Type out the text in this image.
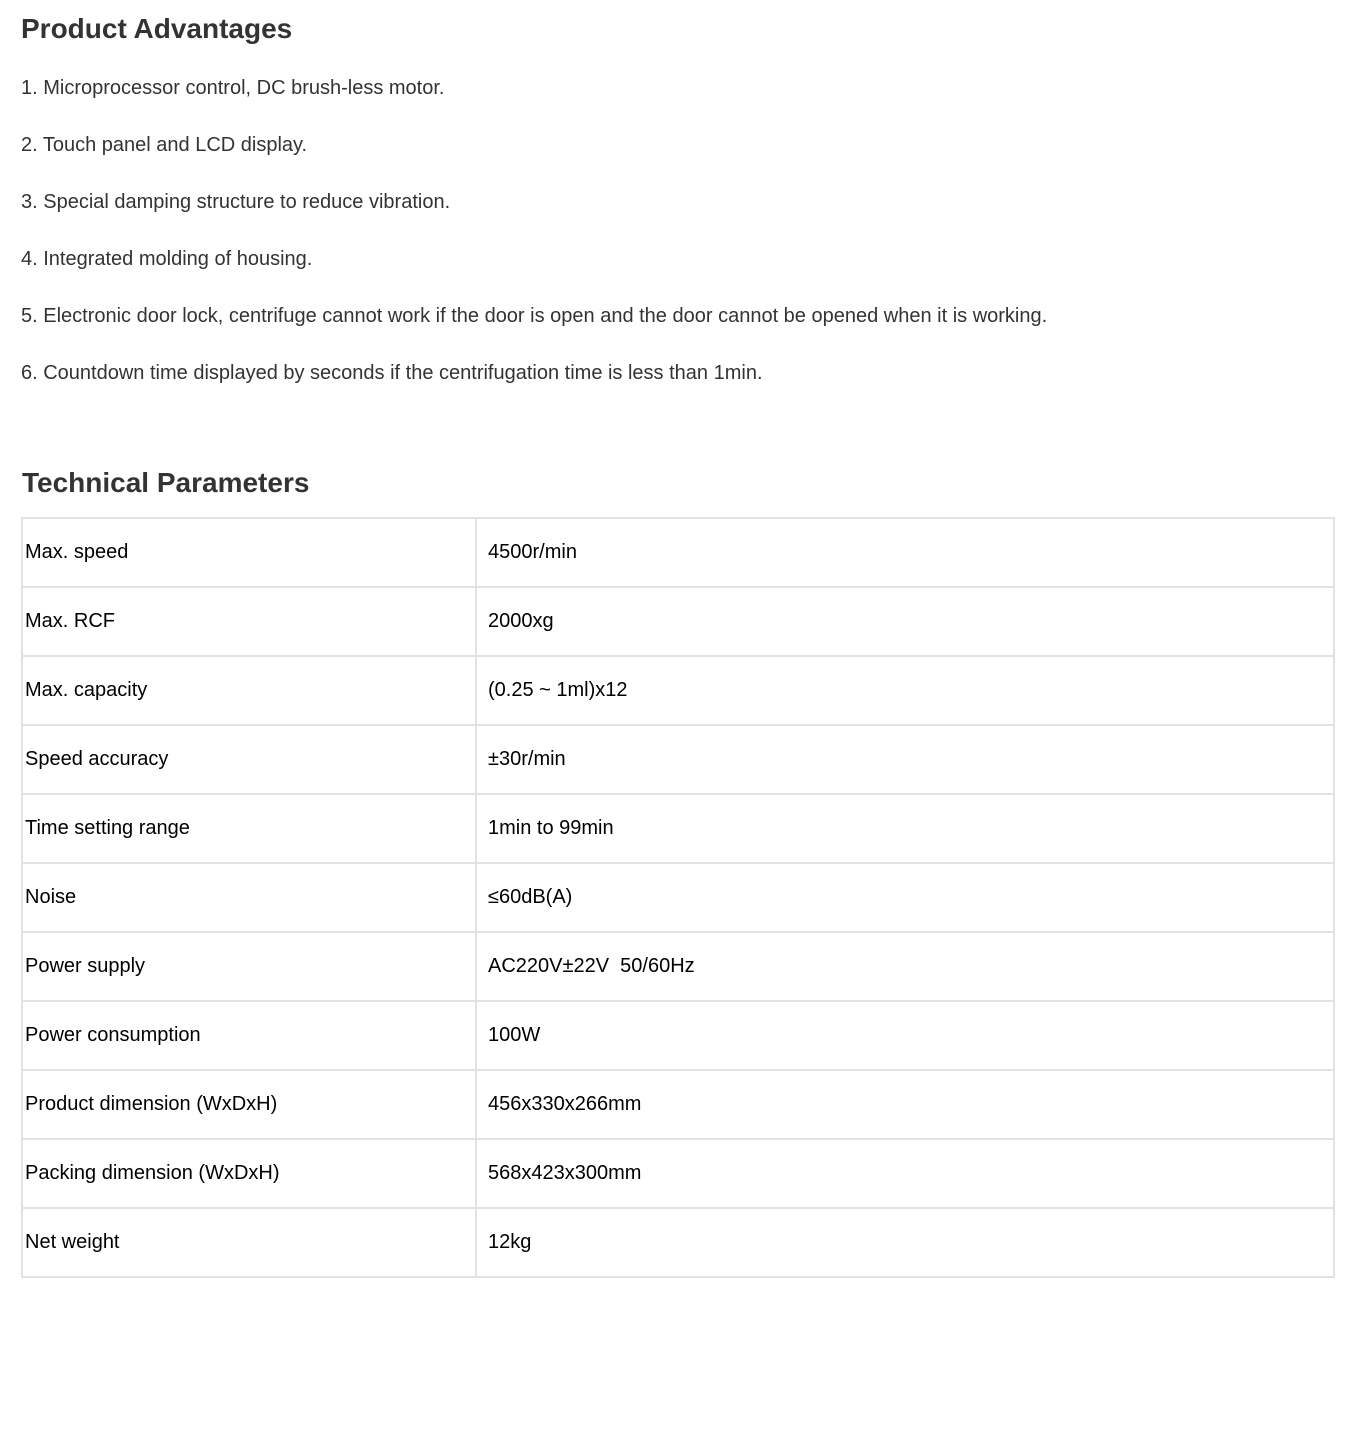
Product Advantages
1. Microprocessor control, DC brush-less motor.
2. Touch panel and LCD display.
3. Special damping structure to reduce vibration.
4. Integrated molding of housing.
5. Electronic door lock, centrifuge cannot work if the door is open and the door cannot be opened when it is working.
6. Countdown time displayed by seconds if the centrifugation time is less than 1min.
Technical Parameters
Max. speed	4500r/min
Max. RCF	2000xg
Max. capacity	(0.25 ~ 1ml)x12
Speed accuracy	±30r/min
Time setting range	1min to 99min
Noise	≤60dB(A)
Power supply	AC220V±22V  50/60Hz
Power consumption	100W
Product dimension (WxDxH)	456x330x266mm
Packing dimension (WxDxH)	568x423x300mm
Net weight	12kg
